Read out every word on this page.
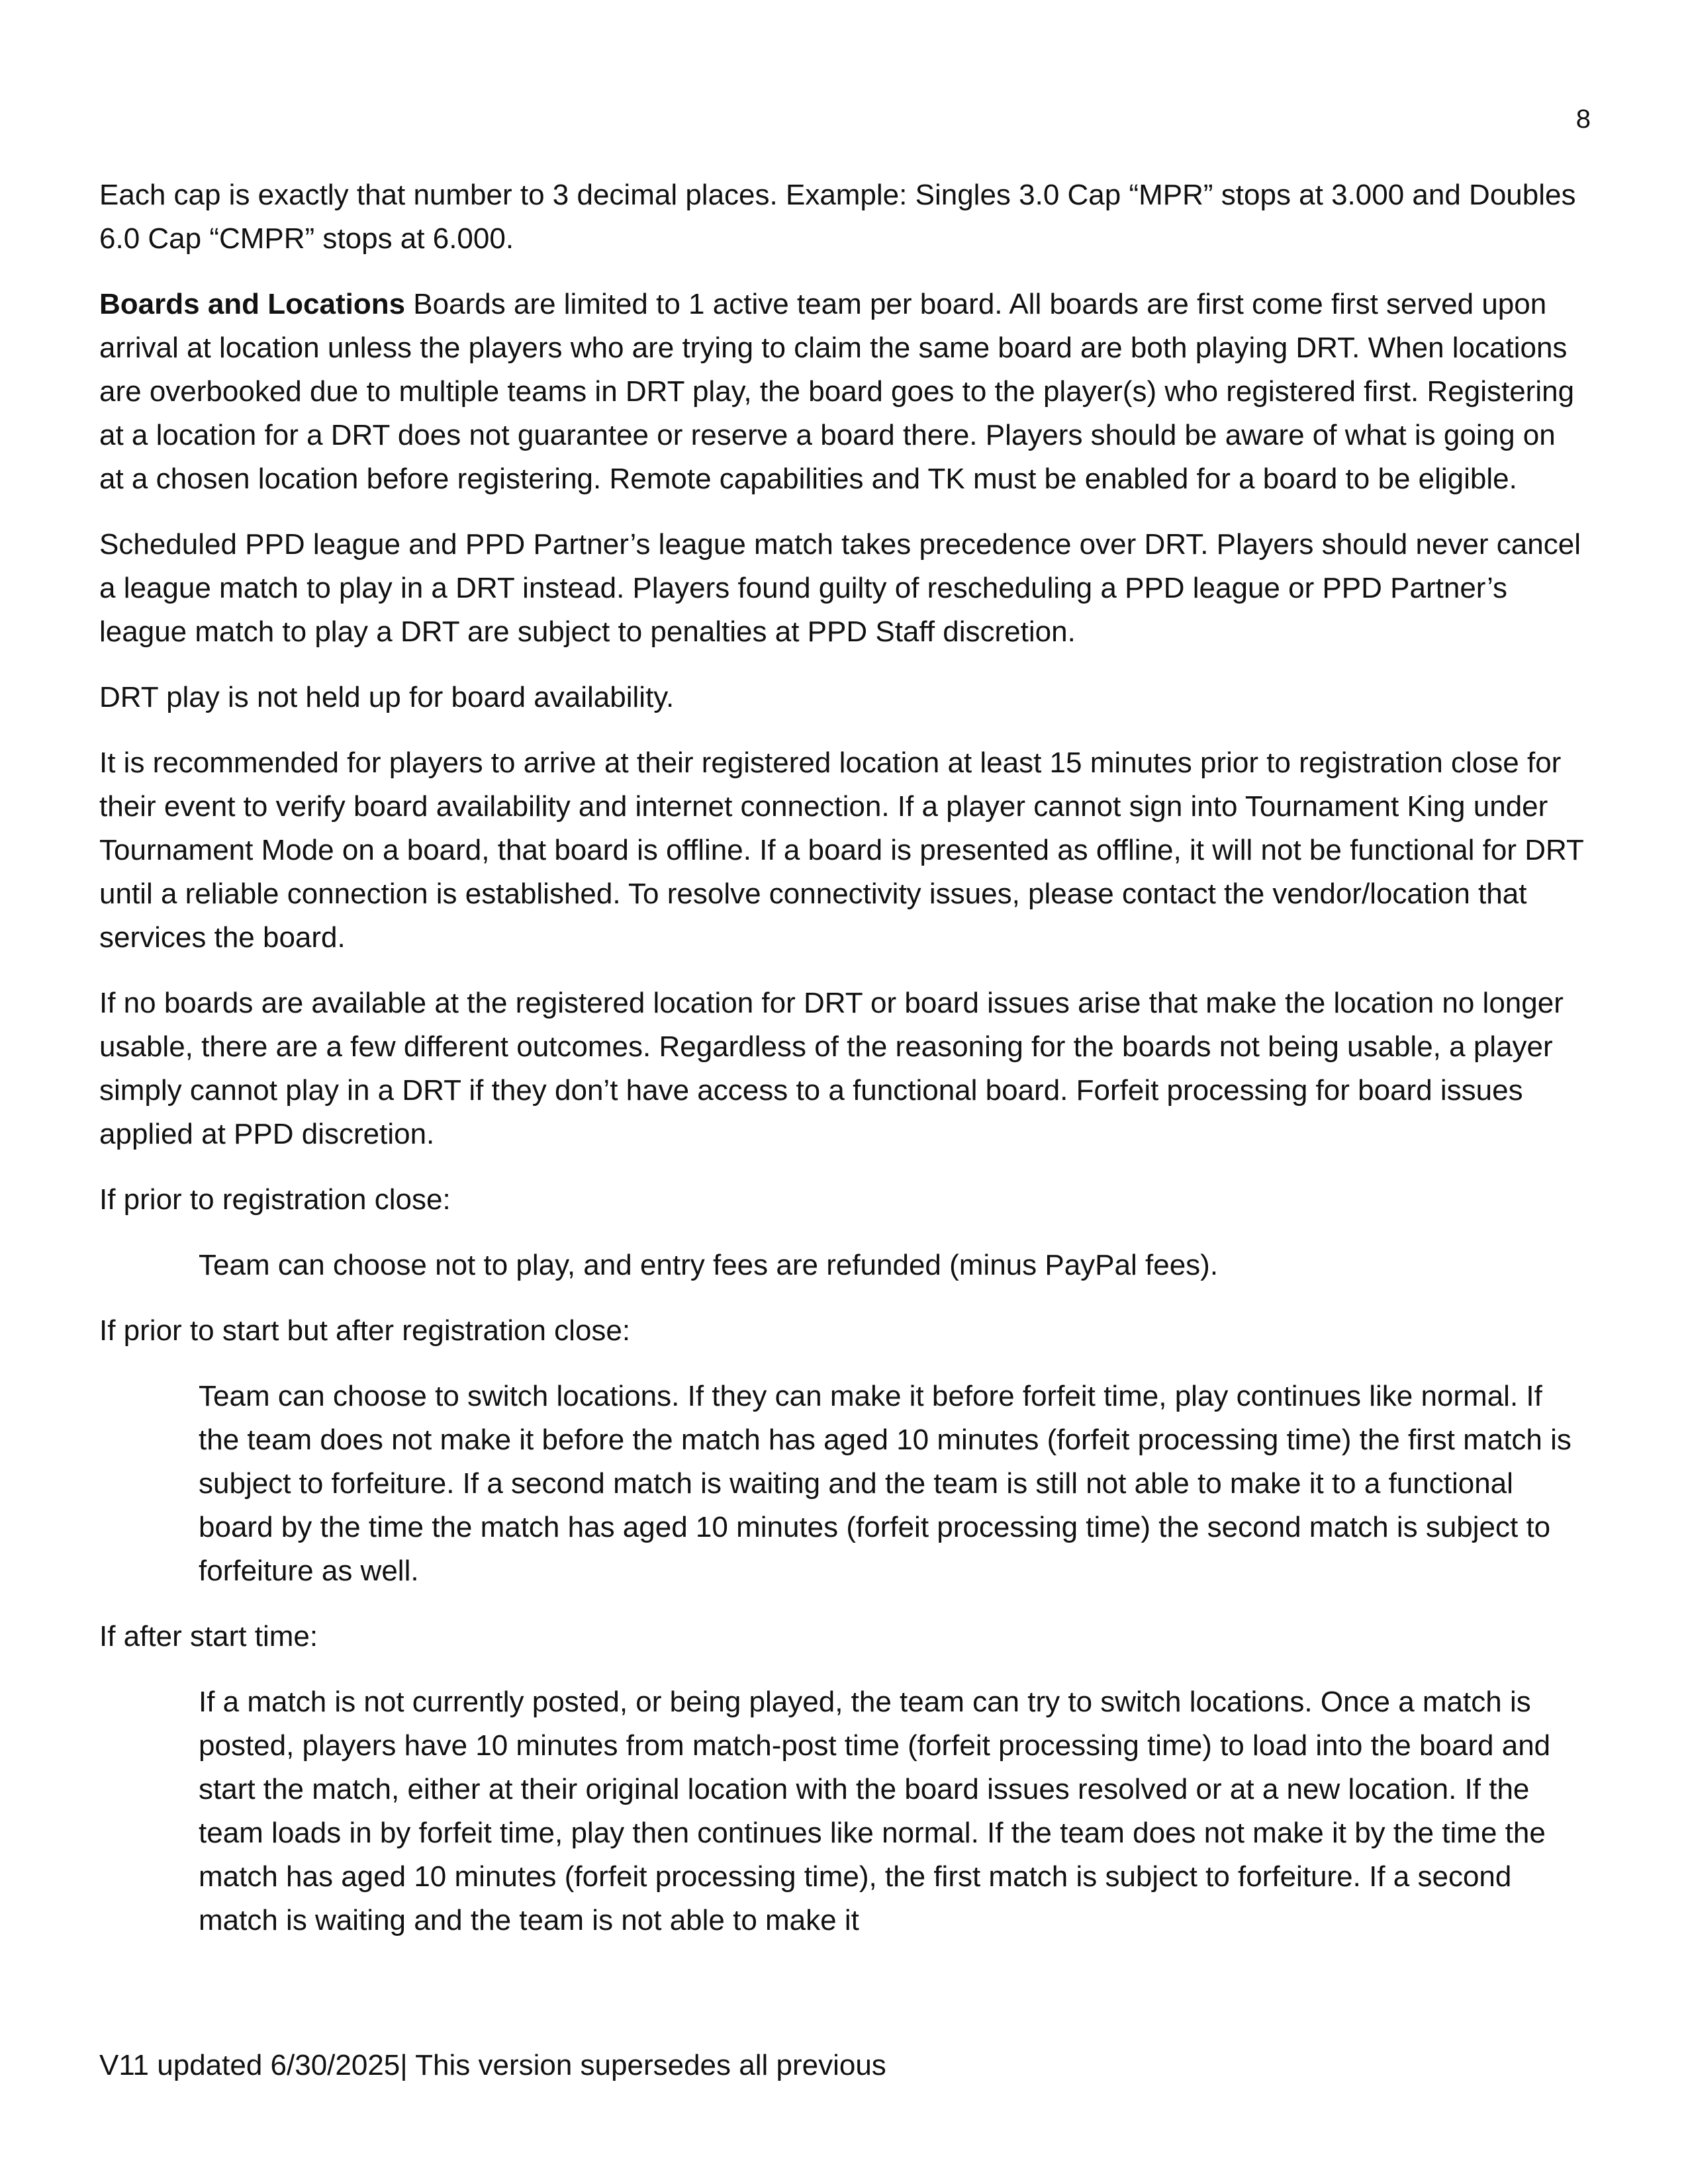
8

Each cap is exactly that number to 3 decimal places. Example: Singles 3.0 Cap “MPR” stops at 3.000 and Doubles 6.0 Cap “CMPR” stops at 6.000.

Boards and Locations Boards are limited to 1 active team per board. All boards are first come first served upon arrival at location unless the players who are trying to claim the same board are both playing DRT. When locations are overbooked due to multiple teams in DRT play, the board goes to the player(s) who registered first. Registering at a location for a DRT does not guarantee or reserve a board there. Players should be aware of what is going on at a chosen location before registering. Remote capabilities and TK must be enabled for a board to be eligible.

Scheduled PPD league and PPD Partner’s league match takes precedence over DRT. Players should never cancel a league match to play in a DRT instead. Players found guilty of rescheduling a PPD league or PPD Partner’s league match to play a DRT are subject to penalties at PPD Staff discretion.

DRT play is not held up for board availability.

It is recommended for players to arrive at their registered location at least 15 minutes prior to registration close for their event to verify board availability and internet connection. If a player cannot sign into Tournament King under Tournament Mode on a board, that board is offline. If a board is presented as offline, it will not be functional for DRT until a reliable connection is established. To resolve connectivity issues, please contact the vendor/location that services the board.

If no boards are available at the registered location for DRT or board issues arise that make the location no longer usable, there are a few different outcomes. Regardless of the reasoning for the boards not being usable, a player simply cannot play in a DRT if they don’t have access to a functional board. Forfeit processing for board issues applied at PPD discretion.

If prior to registration close:

Team can choose not to play, and entry fees are refunded (minus PayPal fees).

If prior to start but after registration close:

Team can choose to switch locations. If they can make it before forfeit time, play continues like normal. If the team does not make it before the match has aged 10 minutes (forfeit processing time) the first match is subject to forfeiture. If a second match is waiting and the team is still not able to make it to a functional board by the time the match has aged 10 minutes (forfeit processing time) the second match is subject to forfeiture as well.

If after start time:

If a match is not currently posted, or being played, the team can try to switch locations. Once a match is posted, players have 10 minutes from match-post time (forfeit processing time) to load into the board and start the match, either at their original location with the board issues resolved or at a new location. If the team loads in by forfeit time, play then continues like normal. If the team does not make it by the time the match has aged 10 minutes (forfeit processing time), the first match is subject to forfeiture. If a second match is waiting and the team is not able to make it

V11 updated 6/30/2025| This version supersedes all previous
